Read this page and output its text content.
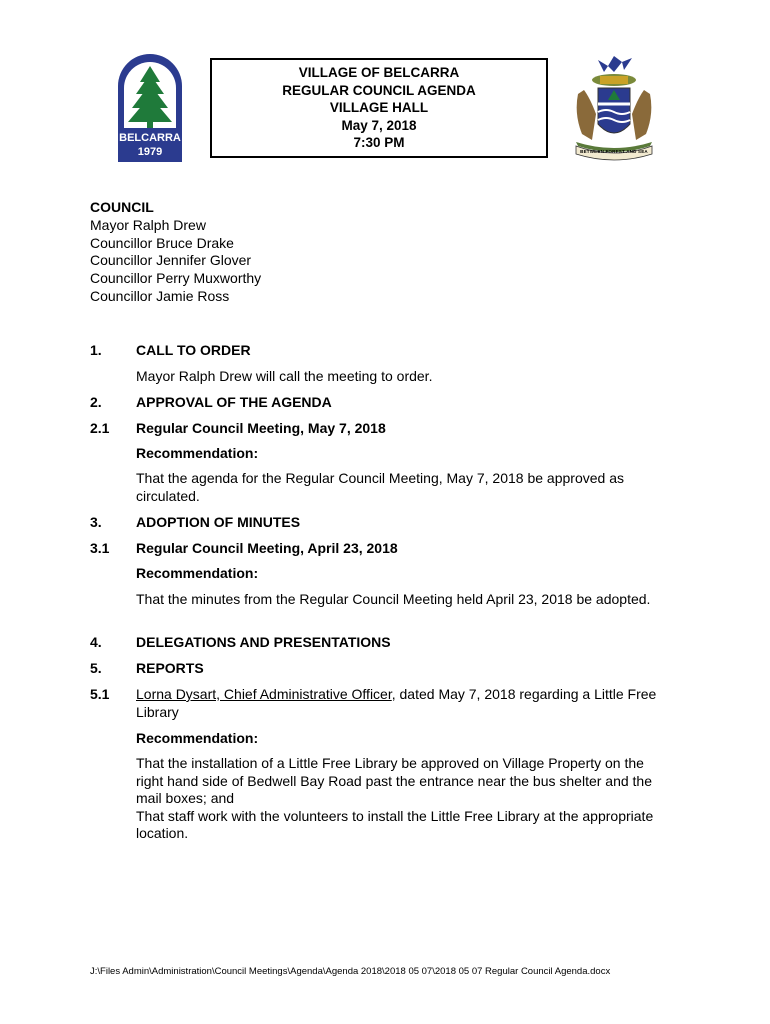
BELCARRA
1979
VILLAGE OF BELCARRA
REGULAR COUNCIL AGENDA
VILLAGE HALL
May 7, 2018
7:30 PM
BETWEEN FOREST AND SEA
COUNCIL
Mayor Ralph Drew
Councillor Bruce Drake
Councillor Jennifer Glover
Councillor Perry Muxworthy
Councillor Jamie Ross
1. CALL TO ORDER
Mayor Ralph Drew will call the meeting to order.
2. APPROVAL OF THE AGENDA
2.1 Regular Council Meeting, May 7, 2018
Recommendation:
That the agenda for the Regular Council Meeting, May 7, 2018 be approved as circulated.
3. ADOPTION OF MINUTES
3.1 Regular Council Meeting, April 23, 2018
Recommendation:
That the minutes from the Regular Council Meeting held April 23, 2018 be adopted.
4. DELEGATIONS AND PRESENTATIONS
5. REPORTS
5.1 Lorna Dysart, Chief Administrative Officer, dated May 7, 2018 regarding a Little Free Library
Recommendation:
That the installation of a Little Free Library be approved on Village Property on the right hand side of Bedwell Bay Road past the entrance near the bus shelter and the mail boxes; and
That staff work with the volunteers to install the Little Free Library at the appropriate location.
J:\Files Admin\Administration\Council Meetings\Agenda\Agenda 2018\2018 05 07\2018 05 07 Regular Council Agenda.docx
